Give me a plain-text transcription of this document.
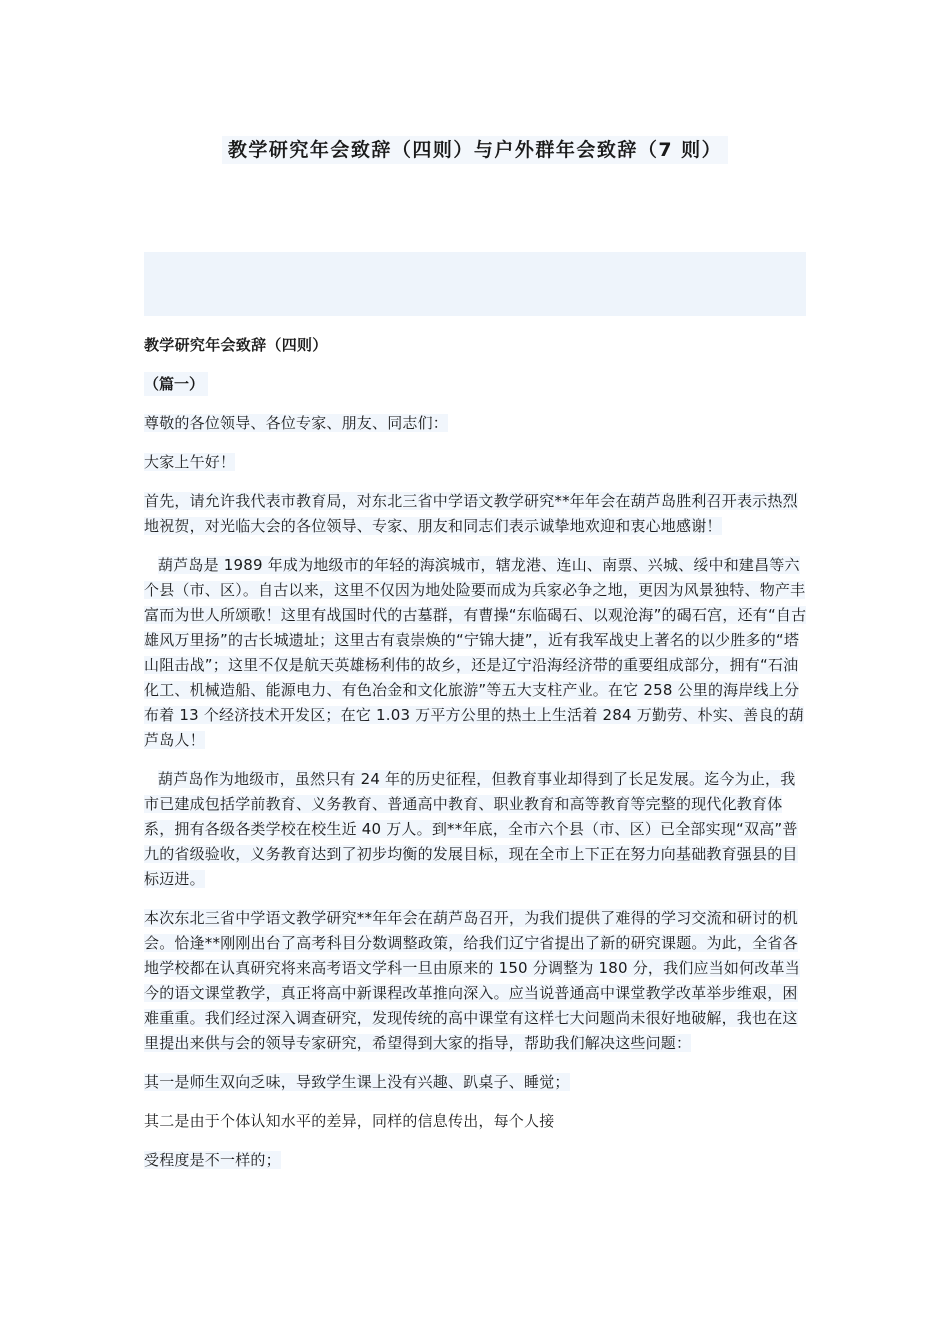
教学研究年会致辞（四则）与户外群年会致辞（7 则）
教学研究年会致辞（四则）
（篇一）

尊敬的各位领导、各位专家、朋友、同志们：

大家上午好！

首先，请允许我代表市教育局，对东北三省中学语文教学研究**年年会在葫芦岛胜利召开表示热烈地祝贺，对光临大会的各位领导、专家、朋友和同志们表示诚挚地欢迎和衷心地感谢！

葫芦岛是 1989 年成为地级市的年轻的海滨城市，辖龙港、连山、南票、兴城、绥中和建昌等六个县（市、区）。自古以来，这里不仅因为地处险要而成为兵家必争之地，更因为风景独特、物产丰富而为世人所颂歌！这里有战国时代的古墓群，有曹操“东临碣石、以观沧海”的碣石宫，还有“自古雄风万里扬”的古长城遗址；这里古有袁崇焕的“宁锦大捷”，近有我军战史上著名的以少胜多的“塔山阻击战”；这里不仅是航天英雄杨利伟的故乡，还是辽宁沿海经济带的重要组成部分，拥有“石油化工、机械造船、能源电力、有色冶金和文化旅游”等五大支柱产业。在它 258 公里的海岸线上分布着 13 个经济技术开发区；在它 1.03 万平方公里的热土上生活着 284 万勤劳、朴实、善良的葫芦岛人！

葫芦岛作为地级市，虽然只有 24 年的历史征程，但教育事业却得到了长足发展。迄今为止，我市已建成包括学前教育、义务教育、普通高中教育、职业教育和高等教育等完整的现代化教育体系，拥有各级各类学校在校生近 40 万人。到**年底，全市六个县（市、区）已全部实现“双高”普九的省级验收，义务教育达到了初步均衡的发展目标，现在全市上下正在努力向基础教育强县的目标迈进。

本次东北三省中学语文教学研究**年年会在葫芦岛召开，为我们提供了难得的学习交流和研讨的机会。恰逢**刚刚出台了高考科目分数调整政策，给我们辽宁省提出了新的研究课题。为此，全省各地学校都在认真研究将来高考语文学科一旦由原来的 150 分调整为 180 分，我们应当如何改革当今的语文课堂教学，真正将高中新课程改革推向深入。应当说普通高中课堂教学改革举步维艰，困难重重。我们经过深入调查研究，发现传统的高中课堂有这样七大问题尚未很好地破解，我也在这里提出来供与会的领导专家研究，希望得到大家的指导，帮助我们解决这些问题：

其一是师生双向乏味，导致学生课上没有兴趣、趴桌子、睡觉；

其二是由于个体认知水平的差异，同样的信息传出，每个人接

受程度是不一样的；
